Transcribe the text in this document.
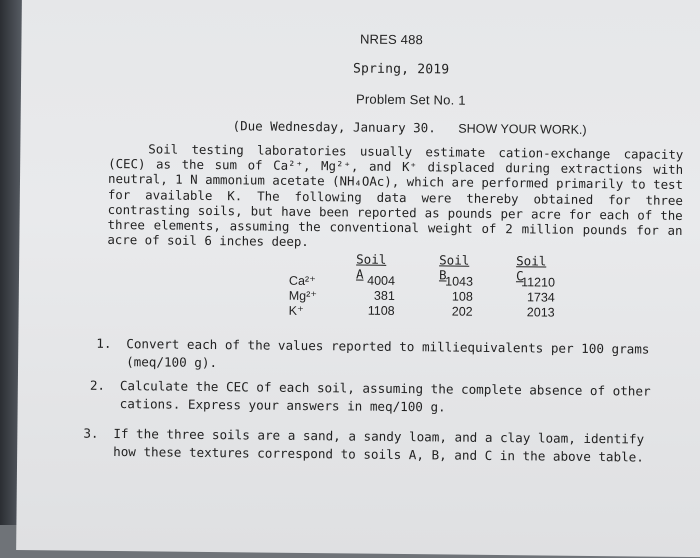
NRES 488
Spring, 2019
Problem Set No. 1
(Due Wednesday, January 30. SHOW YOUR WORK.)
Soil testing laboratories usually estimate cation-exchange capacity (CEC) as the sum of Ca²⁺, Mg²⁺, and K⁺ displaced during extractions with neutral, 1 N ammonium acetate (NH₄OAc), which are performed primarily to test for available K. The following data were thereby obtained for three contrasting soils, but have been reported as pounds per acre for each of the three elements, assuming the conventional weight of 2 million pounds for an acre of soil 6 inches deep.
Soil A
Soil B
Soil C
Ca²⁺	4004	1043	11210
Mg²⁺	381	108	1734
K⁺	1108	202	2013
1.	Convert each of the values reported to milliequivalents per 100 grams (meq/100 g).
2.	Calculate the CEC of each soil, assuming the complete absence of other cations. Express your answers in meq/100 g.
3.	If the three soils are a sand, a sandy loam, and a clay loam, identify how these textures correspond to soils A, B, and C in the above table.
